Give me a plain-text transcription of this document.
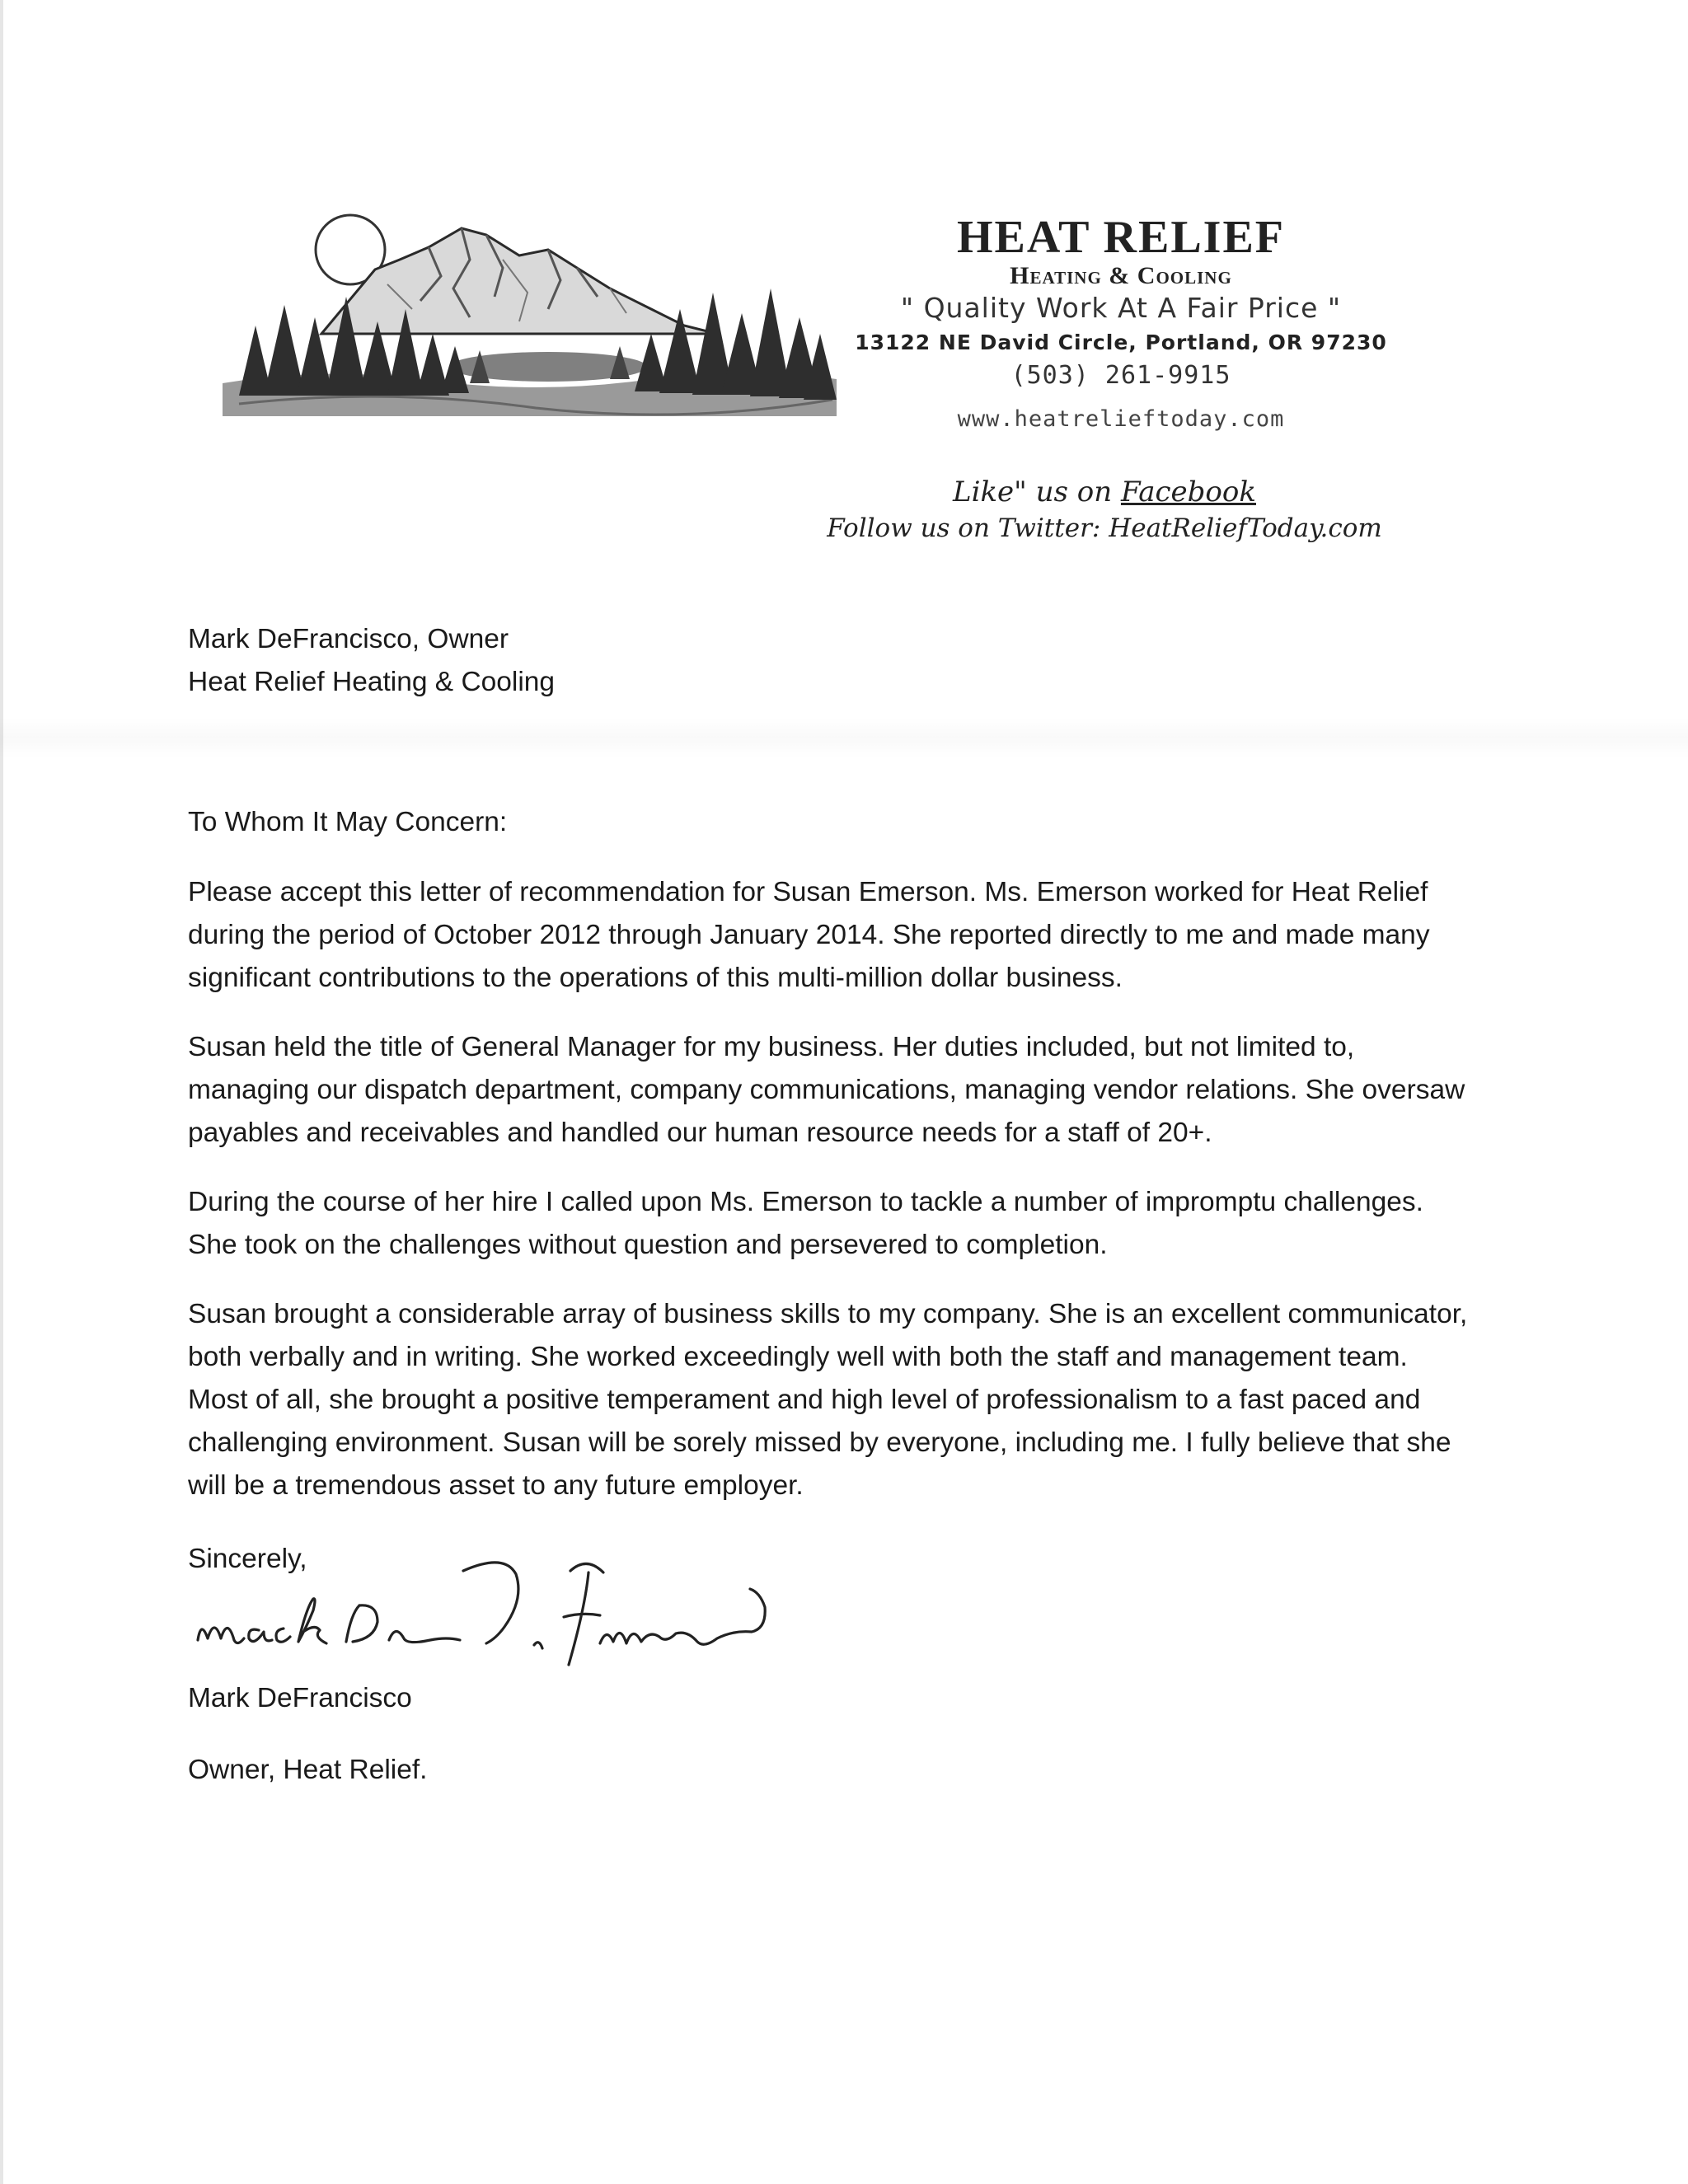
HEAT RELIEF
Heating & Cooling
" Quality Work At A Fair Price "
13122 NE David Circle, Portland, OR 97230
(503) 261-9915
www.heatrelieftoday.com
Like" us on Facebook
Follow us on Twitter: HeatReliefToday.com
Mark DeFrancisco, Owner
Heat Relief Heating & Cooling
To Whom It May Concern:
Please accept this letter of recommendation for Susan Emerson. Ms. Emerson worked for Heat Relief
during the period of October 2012 through January 2014. She reported directly to me and made many
significant contributions to the operations of this multi-million dollar business.
Susan held the title of General Manager for my business. Her duties included, but not limited to,
managing our dispatch department, company communications, managing vendor relations. She oversaw
payables and receivables and handled our human resource needs for a staff of 20+.
During the course of her hire I called upon Ms. Emerson to tackle a number of impromptu challenges.
She took on the challenges without question and persevered to completion.
Susan brought a considerable array of business skills to my company. She is an excellent communicator,
both verbally and in writing. She worked exceedingly well with both the staff and management team.
Most of all, she brought a positive temperament and high level of professionalism to a fast paced and
challenging environment. Susan will be sorely missed by everyone, including me. I fully believe that she
will be a tremendous asset to any future employer.
Sincerely,
Mark DeFrancisco
Owner, Heat Relief.
